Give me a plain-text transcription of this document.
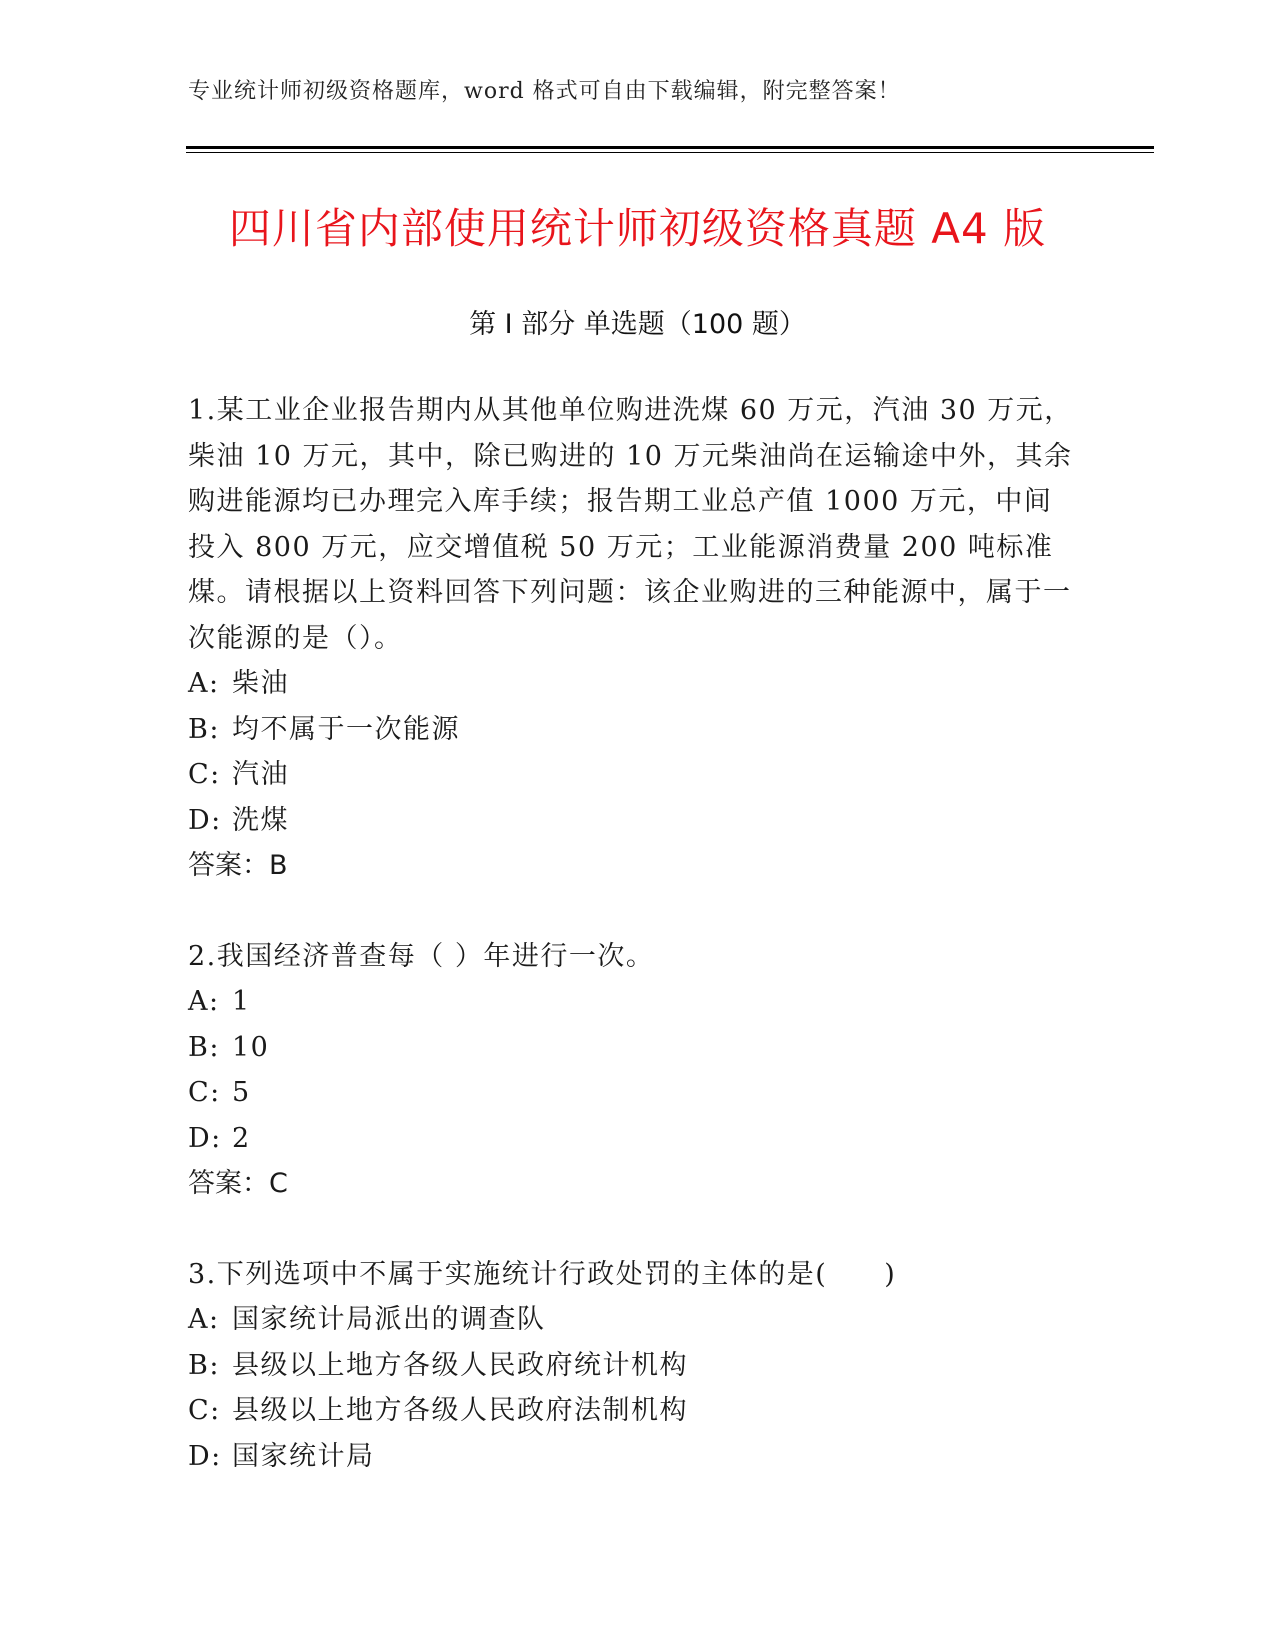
专业统计师初级资格题库，word 格式可自由下载编辑，附完整答案！
四川省内部使用统计师初级资格真题 A4 版
第 I 部分 单选题（100 题）

1.某工业企业报告期内从其他单位购进洗煤 60 万元，汽油 30 万元，柴油 10 万元，其中，除已购进的 10 万元柴油尚在运输途中外，其余购进能源均已办理完入库手续；报告期工业总产值 1000 万元，中间投入 800 万元，应交增值税 50 万元；工业能源消费量 200 吨标准煤。请根据以上资料回答下列问题：该企业购进的三种能源中，属于一次能源的是（）。

A: 柴油
B: 均不属于一次能源
C: 汽油
D: 洗煤
答案：B

2.我国经济普查每（ ）年进行一次。

A: 1
B: 10
C: 5
D: 2
答案：C

3.下列选项中不属于实施统计行政处罚的主体的是(　　)

A: 国家统计局派出的调查队
B: 县级以上地方各级人民政府统计机构
C: 县级以上地方各级人民政府法制机构
D: 国家统计局
